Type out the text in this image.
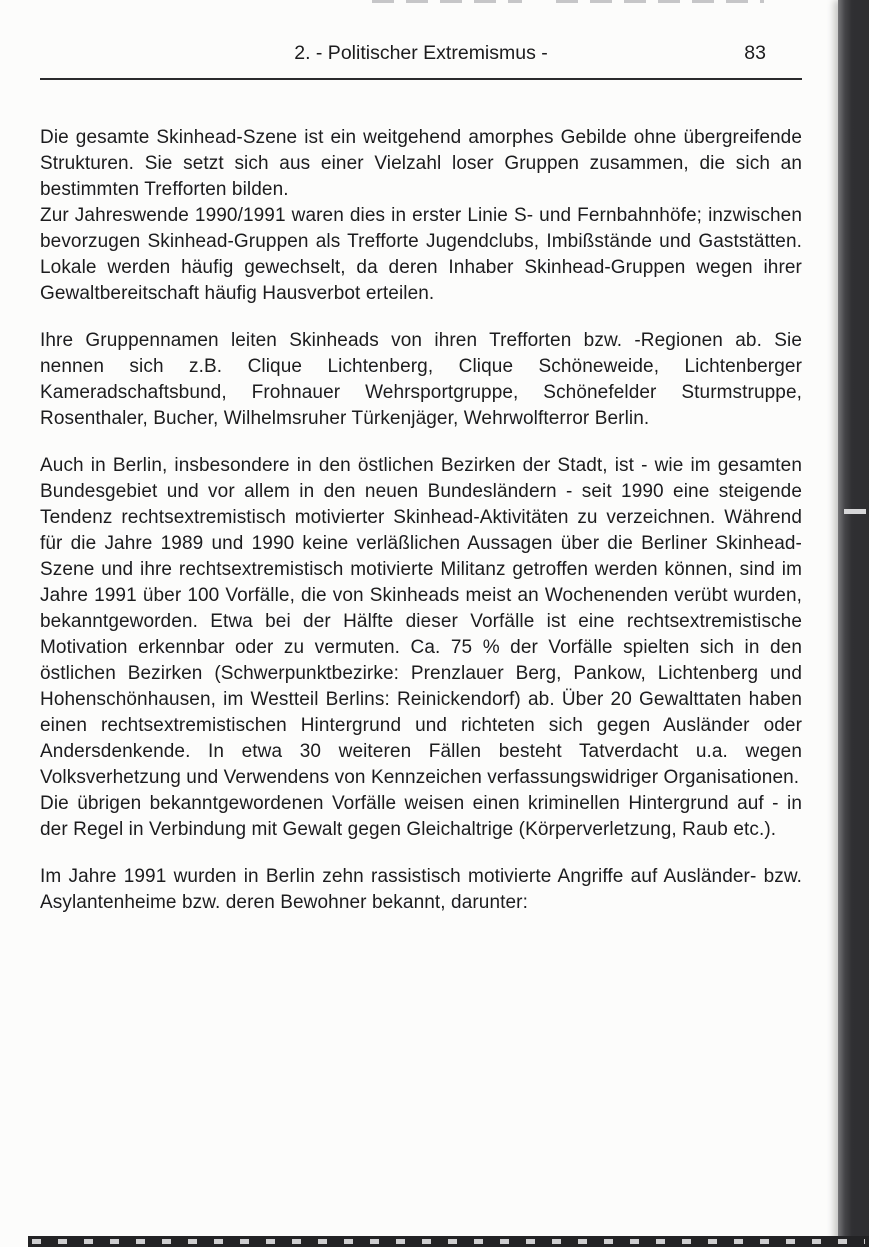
2. - Politischer Extremismus -	83

Die gesamte Skinhead-Szene ist ein weitgehend amorphes Gebilde ohne übergreifende Strukturen. Sie setzt sich aus einer Vielzahl loser Gruppen zusammen, die sich an bestimmten Trefforten bilden.

Zur Jahreswende 1990/1991 waren dies in erster Linie S- und Fernbahnhöfe; inzwischen bevorzugen Skinhead-Gruppen als Trefforte Jugendclubs, Imbißstände und Gaststätten. Lokale werden häufig gewechselt, da deren Inhaber Skinhead-Gruppen wegen ihrer Gewaltbereitschaft häufig Hausverbot erteilen.

Ihre Gruppennamen leiten Skinheads von ihren Trefforten bzw. -Regionen ab. Sie nennen sich z.B. Clique Lichtenberg, Clique Schöneweide, Lichtenberger Kameradschaftsbund, Frohnauer Wehrsportgruppe, Schönefelder Sturmstruppe, Rosenthaler, Bucher, Wilhelmsruher Türkenjäger, Wehrwolfterror Berlin.

Auch in Berlin, insbesondere in den östlichen Bezirken der Stadt, ist - wie im gesamten Bundesgebiet und vor allem in den neuen Bundesländern - seit 1990 eine steigende Tendenz rechtsextremistisch motivierter Skinhead-Aktivitäten zu verzeichnen. Während für die Jahre 1989 und 1990 keine verläßlichen Aussagen über die Berliner Skinhead-Szene und ihre rechtsextremistisch motivierte Militanz getroffen werden können, sind im Jahre 1991 über 100 Vorfälle, die von Skinheads meist an Wochenenden verübt wurden, bekanntgeworden. Etwa bei der Hälfte dieser Vorfälle ist eine rechtsextremistische Motivation erkennbar oder zu vermuten. Ca. 75 % der Vorfälle spielten sich in den östlichen Bezirken (Schwerpunktbezirke: Prenzlauer Berg, Pankow, Lichtenberg und Hohenschönhausen, im Westteil Berlins: Reinickendorf) ab. Über 20 Gewalttaten haben einen rechtsextremistischen Hintergrund und richteten sich gegen Ausländer oder Andersdenkende. In etwa 30 weiteren Fällen besteht Tatverdacht u.a. wegen Volksverhetzung und Verwendens von Kennzeichen verfassungswidriger Organisationen.

Die übrigen bekanntgewordenen Vorfälle weisen einen kriminellen Hintergrund auf - in der Regel in Verbindung mit Gewalt gegen Gleichaltrige (Körperverletzung, Raub etc.).

Im Jahre 1991 wurden in Berlin zehn rassistisch motivierte Angriffe auf Ausländer- bzw. Asylantenheime bzw. deren Bewohner bekannt, darunter:
